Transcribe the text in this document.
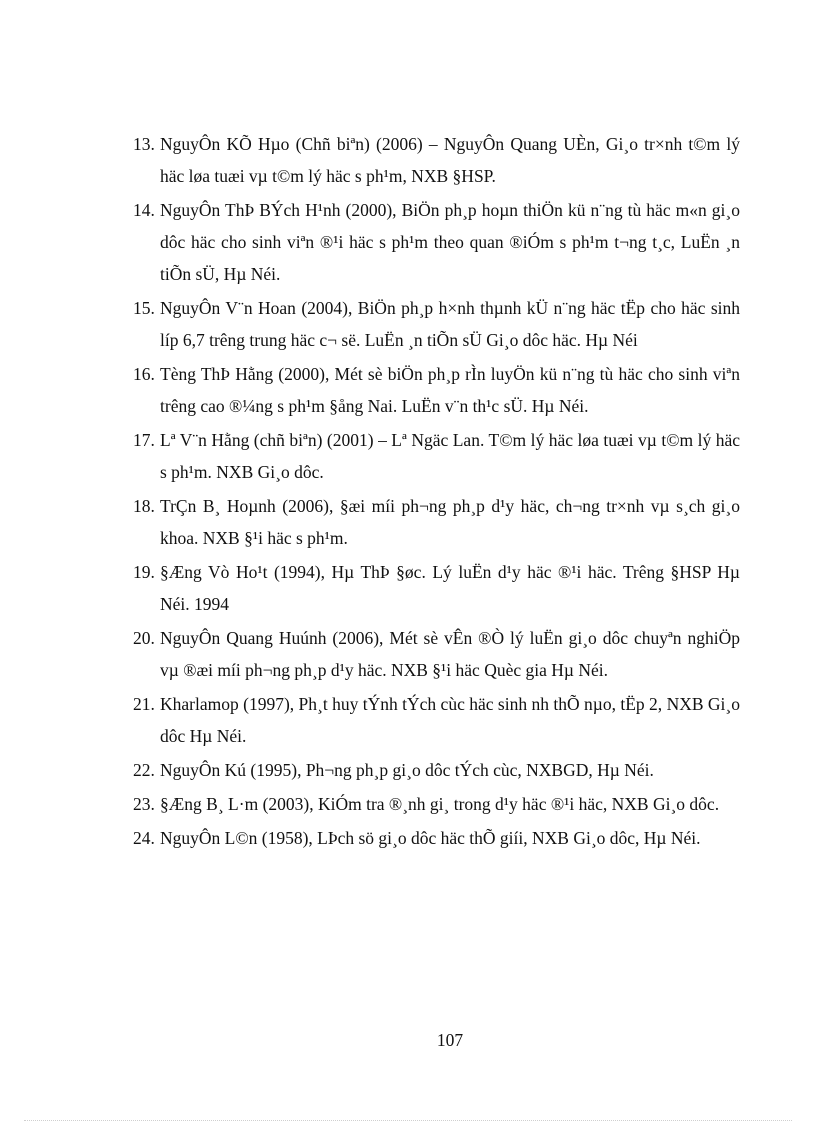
13. NguyÔn KÕ Hµo (Chñ biªn) (2006) – NguyÔn Quang UÈn, Gi¸o tr×nh t©m lý häc løa tuæi vµ t©m lý häc s ph¹m, NXB §HSP.
14. NguyÔn ThÞ BÝch H¹nh (2000), BiÖn ph¸p hoµn thiÖn kü n¨ng tù häc m«n gi¸o dôc häc cho sinh viªn ®¹i häc s ph¹m theo quan ®iÓm s ph¹m t¬ng t¸c, LuËn ¸n tiÕn sÜ, Hµ Néi.
15. NguyÔn V¨n Hoan (2004), BiÖn ph¸p h×nh thµnh kÜ n¨ng häc tËp cho häc sinh líp 6,7 trêng trung häc c¬ së. LuËn ¸n tiÕn sÜ Gi¸o dôc häc. Hµ Néi
16. Tèng ThÞ Hằng (2000), Mét sè biÖn ph¸p rÌn luyÖn kü n¨ng tù häc cho sinh viªn trêng cao ®¼ng s ph¹m §ång Nai. LuËn v¨n th¹c sÜ. Hµ Néi.
17. Lª V¨n Hằng (chñ biªn) (2001) – Lª Ngäc Lan. T©m lý häc løa tuæi vµ t©m lý häc s ph¹m. NXB Gi¸o dôc.
18. TrÇn B¸ Hoµnh (2006), §æi míi ph¬ng ph¸p d¹y häc, ch¬ng tr×nh vµ s¸ch gi¸o khoa. NXB §¹i häc s ph¹m.
19. §Æng Vò Ho¹t (1994), Hµ ThÞ §øc. Lý luËn d¹y häc ®¹i häc. Trêng §HSP Hµ Néi. 1994
20. NguyÔn Quang Huúnh (2006), Mét sè vÊn ®Ò lý luËn gi¸o dôc chuyªn nghiÖp vµ ®æi míi ph¬ng ph¸p d¹y häc. NXB §¹i häc Quèc gia Hµ Néi.
21. Kharlamop (1997), Ph¸t huy tÝnh tÝch cùc häc sinh nh thÕ nµo, tËp 2, NXB Gi¸o dôc Hµ Néi.
22. NguyÔn Kú (1995), Ph¬ng ph¸p gi¸o dôc tÝch cùc, NXBGD, Hµ Néi.
23. §Æng B¸ L·m (2003), KiÓm tra ®¸nh gi¸ trong d¹y häc ®¹i häc, NXB Gi¸o dôc.
24. NguyÔn L©n (1958), LÞch sö gi¸o dôc häc thÕ giíi, NXB Gi¸o dôc, Hµ Néi.
107
